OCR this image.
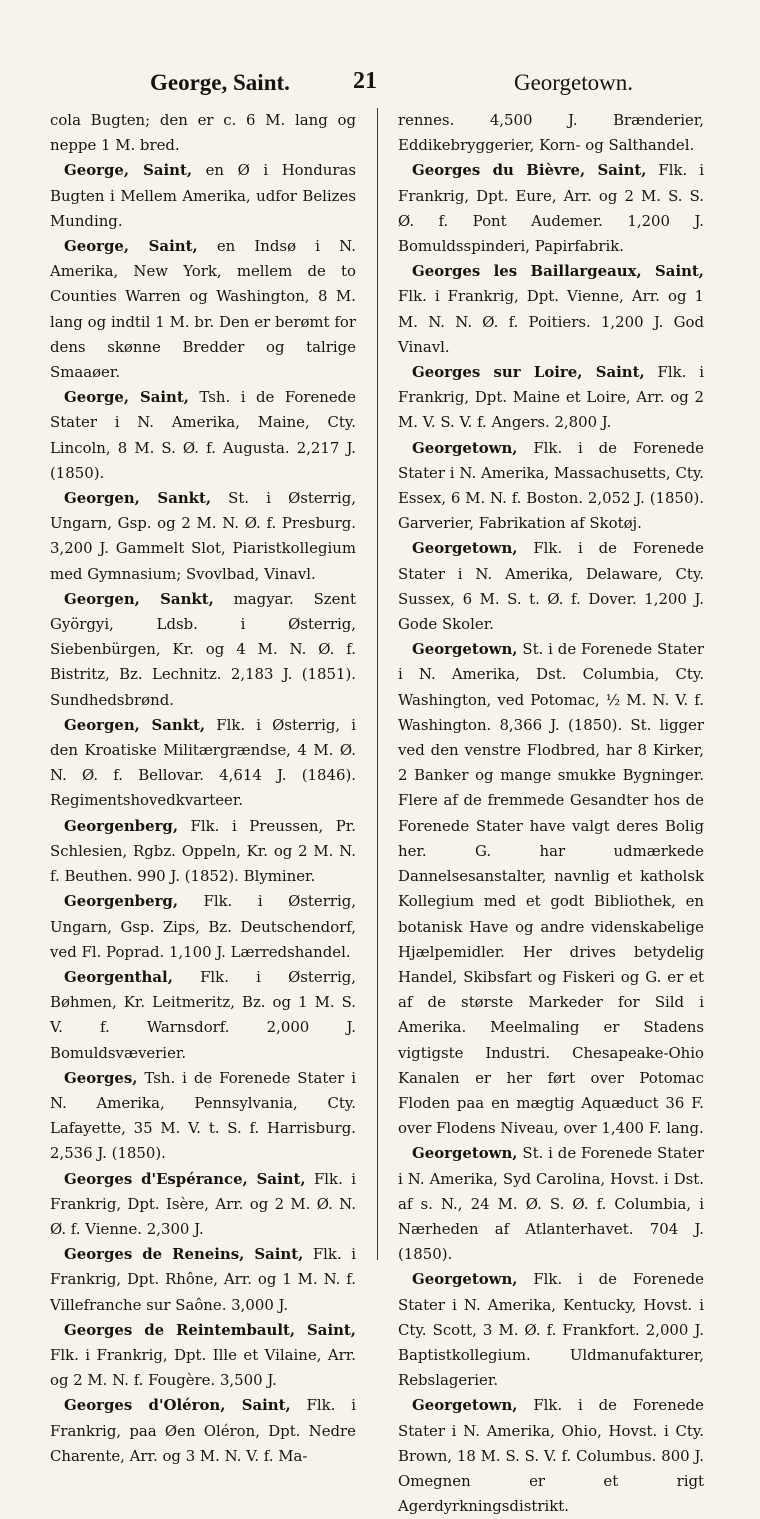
George, Saint.	21	Georgetown.

cola Bugten; den er c. 6 M. lang og neppe 1 M. bred.

George, Saint, en Ø i Honduras Bugten i Mellem Amerika, udfor Belizes Munding.

George, Saint, en Indsø i N. Amerika, New York, mellem de to Counties Warren og Washington, 8 M. lang og indtil 1 M. br. Den er berømt for dens skønne Bredder og talrige Smaaøer.

George, Saint, Tsh. i de Forenede Stater i N. Amerika, Maine, Cty. Lincoln, 8 M. S. Ø. f. Augusta. 2,217 J. (1850).

Georgen, Sankt, St. i Østerrig, Ungarn, Gsp. og 2 M. N. Ø. f. Presburg. 3,200 J. Gammelt Slot, Piaristkollegium med Gymnasium; Svovlbad, Vinavl.

Georgen, Sankt, magyar. Szent Györgyi, Ldsb. i Østerrig, Siebenbürgen, Kr. og 4 M. N. Ø. f. Bistritz, Bz. Lechnitz. 2,183 J. (1851). Sundhedsbrønd.

Georgen, Sankt, Flk. i Østerrig, i den Kroatiske Militærgrændse, 4 M. Ø. N. Ø. f. Bellovar. 4,614 J. (1846). Regimentshovedkvarteer.

Georgenberg, Flk. i Preussen, Pr. Schlesien, Rgbz. Oppeln, Kr. og 2 M. N. f. Beuthen. 990 J. (1852). Blyminer.

Georgenberg, Flk. i Østerrig, Ungarn, Gsp. Zips, Bz. Deutschendorf, ved Fl. Poprad. 1,100 J. Lærredshandel.

Georgenthal, Flk. i Østerrig, Bøhmen, Kr. Leitmeritz, Bz. og 1 M. S. V. f. Warnsdorf. 2,000 J. Bomuldsvæverier.

Georges, Tsh. i de Forenede Stater i N. Amerika, Pennsylvania, Cty. Lafayette, 35 M. V. t. S. f. Harrisburg. 2,536 J. (1850).

Georges d'Espérance, Saint, Flk. i Frankrig, Dpt. Isère, Arr. og 2 M. Ø. N. Ø. f. Vienne. 2,300 J.

Georges de Reneins, Saint, Flk. i Frankrig, Dpt. Rhône, Arr. og 1 M. N. f. Villefranche sur Saône. 3,000 J.

Georges de Reintembault, Saint, Flk. i Frankrig, Dpt. Ille et Vilaine, Arr. og 2 M. N. f. Fougère. 3,500 J.

Georges d'Oléron, Saint, Flk. i Frankrig, paa Øen Oléron, Dpt. Nedre Charente, Arr. og 3 M. N. V. f. Ma-

rennes. 4,500 J. Brænderier, Eddikebryggerier, Korn- og Salthandel.

Georges du Bièvre, Saint, Flk. i Frankrig, Dpt. Eure, Arr. og 2 M. S. S. Ø. f. Pont Audemer. 1,200 J. Bomuldsspinderi, Papirfabrik.

Georges les Baillargeaux, Saint, Flk. i Frankrig, Dpt. Vienne, Arr. og 1 M. N. N. Ø. f. Poitiers. 1,200 J. God Vinavl.

Georges sur Loire, Saint, Flk. i Frankrig, Dpt. Maine et Loire, Arr. og 2 M. V. S. V. f. Angers. 2,800 J.

Georgetown, Flk. i de Forenede Stater i N. Amerika, Massachusetts, Cty. Essex, 6 M. N. f. Boston. 2,052 J. (1850). Garverier, Fabrikation af Skotøj.

Georgetown, Flk. i de Forenede Stater i N. Amerika, Delaware, Cty. Sussex, 6 M. S. t. Ø. f. Dover. 1,200 J. Gode Skoler.

Georgetown, St. i de Forenede Stater i N. Amerika, Dst. Columbia, Cty. Washington, ved Potomac, ½ M. N. V. f. Washington. 8,366 J. (1850). St. ligger ved den venstre Flodbred, har 8 Kirker, 2 Banker og mange smukke Bygninger. Flere af de fremmede Gesandter hos de Forenede Stater have valgt deres Bolig her. G. har udmærkede Dannelsesanstalter, navnlig et katholsk Kollegium med et godt Bibliothek, en botanisk Have og andre videnskabelige Hjælpemidler. Her drives betydelig Handel, Skibsfart og Fiskeri og G. er et af de største Markeder for Sild i Amerika. Meelmaling er Stadens vigtigste Industri. Chesapeake-Ohio Kanalen er her ført over Potomac Floden paa en mægtig Aquæduct 36 F. over Flodens Niveau, over 1,400 F. lang.

Georgetown, St. i de Forenede Stater i N. Amerika, Syd Carolina, Hovst. i Dst. af s. N., 24 M. Ø. S. Ø. f. Columbia, i Nærheden af Atlanterhavet. 704 J. (1850).

Georgetown, Flk. i de Forenede Stater i N. Amerika, Kentucky, Hovst. i Cty. Scott, 3 M. Ø. f. Frankfort. 2,000 J. Baptistkollegium. Uldmanufakturer, Rebslagerier.

Georgetown, Flk. i de Forenede Stater i N. Amerika, Ohio, Hovst. i Cty. Brown, 18 M. S. S. V. f. Columbus. 800 J. Omegnen er et rigt Agerdyrkningsdistrikt.
